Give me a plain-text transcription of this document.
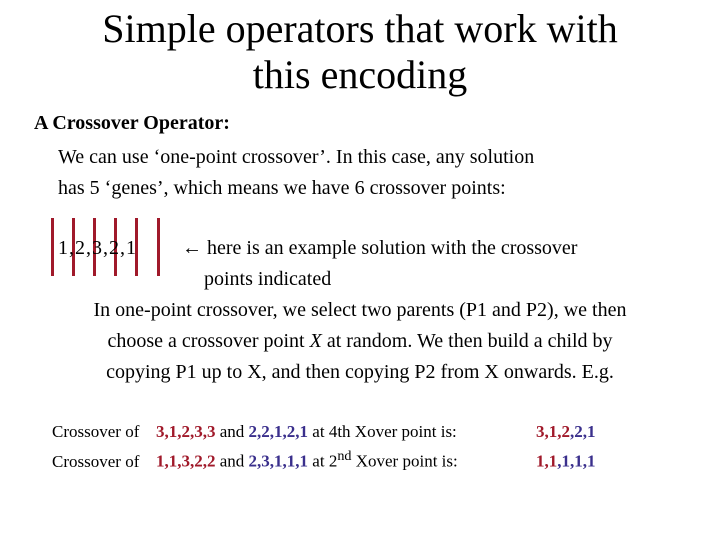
Simple operators that work with
this encoding
A Crossover Operator:
We can use ‘one-point crossover’. In this case, any solution
has 5 ‘genes’, which means we have 6 crossover points:
1,2,3,2,1 ← here is an example solution with the crossover
points indicated
In one-point crossover, we select two parents (P1 and P2), we then
choose a crossover point X at random. We then build a child by
copying P1 up to X, and then copying P2 from X onwards. E.g.
Crossover of 3,1,2,3,3 and 2,2,1,2,1 at 4th Xover point is:	3,1,2,2,1
Crossover of 1,1,3,2,2 and 2,3,1,1,1 at 2nd Xover point is:	1,1,1,1,1
